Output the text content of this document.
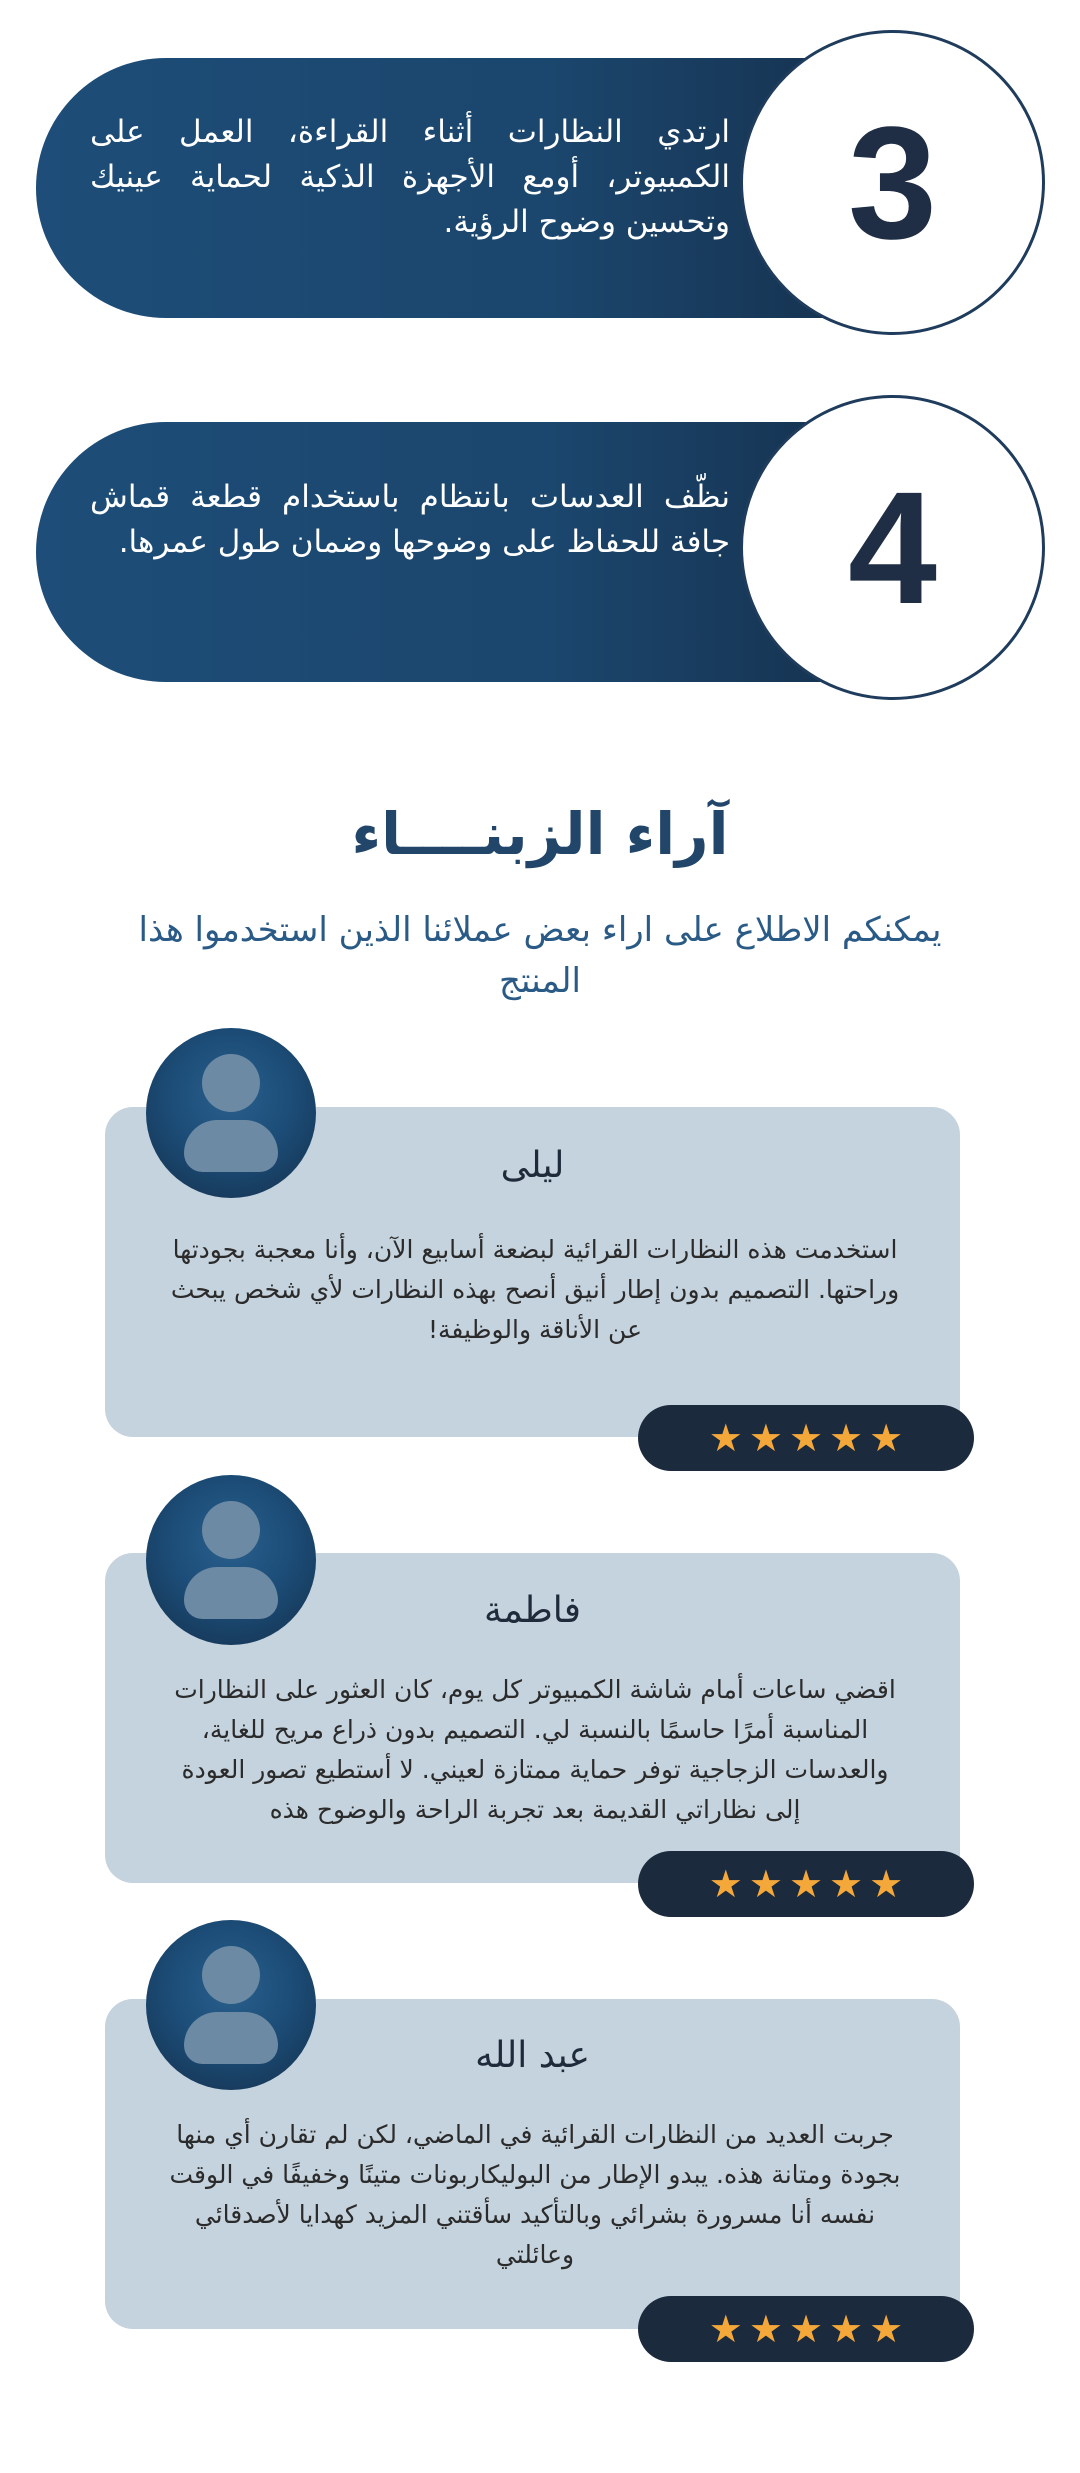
3
ارتدي النظارات أثناء القراءة، العمل على الكمبيوتر، أومع الأجهزة الذكية لحماية عينيك وتحسين وضوح الرؤية.
4
نظّف العدسات بانتظام باستخدام قطعة قماش جافة للحفاظ على وضوحها وضمان طول عمرها.
آراء الزبنــــاء
يمكنكم الاطلاع على اراء بعض عملائنا الذين استخدموا هذا المنتج
ليلى
استخدمت هذه النظارات القرائية لبضعة أسابيع الآن، وأنا معجبة بجودتها وراحتها. التصميم بدون إطار أنيق أنصح بهذه النظارات لأي شخص يبحث عن الأناقة والوظيفة!
★ ★ ★ ★ ★
فاطمة
اقضي ساعات أمام شاشة الكمبيوتر كل يوم، كان العثور على النظارات المناسبة أمرًا حاسمًا بالنسبة لي. التصميم بدون ذراع مريح للغاية، والعدسات الزجاجية توفر حماية ممتازة لعيني. لا أستطيع تصور العودة إلى نظاراتي القديمة بعد تجربة الراحة والوضوح هذه
★ ★ ★ ★ ★
عبد الله
جربت العديد من النظارات القرائية في الماضي، لكن لم تقارن أي منها بجودة ومتانة هذه. يبدو الإطار من البوليكاربونات متينًا وخفيفًا في الوقت نفسه أنا مسرورة بشرائي وبالتأكيد سأقتني المزيد كهدايا لأصدقائي وعائلتي
★ ★ ★ ★ ★
